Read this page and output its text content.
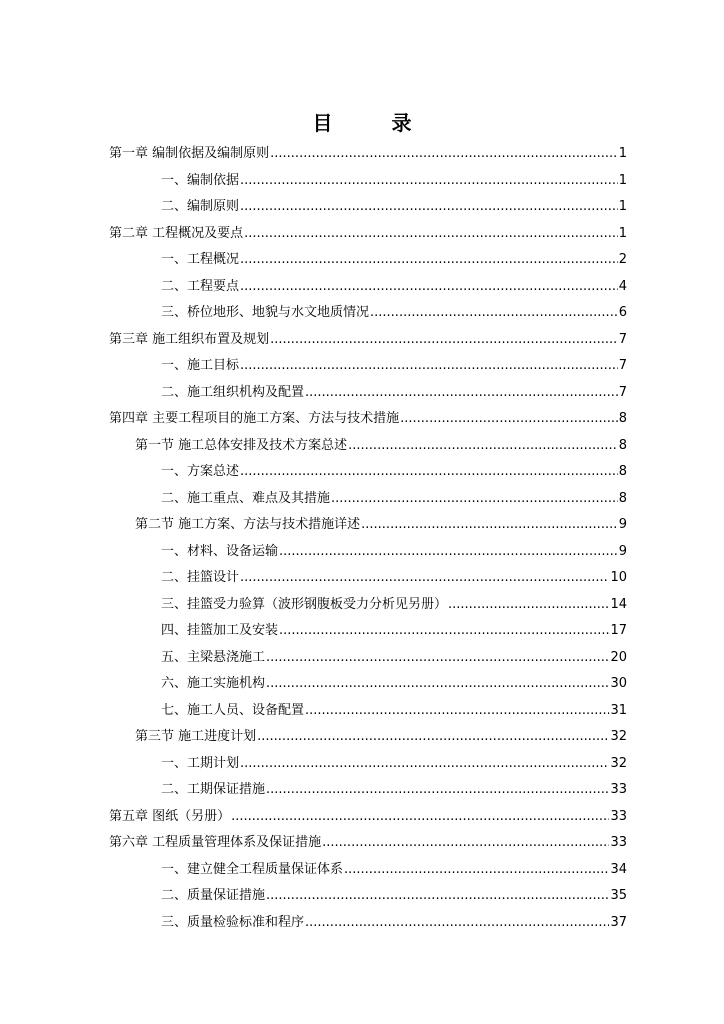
目 录
第一章 编制依据及编制原则 .....	1
一、编制依据 .....	1
二、编制原则 .....	1
第二章 工程概况及要点 .....	1
一、工程概况 .....	2
二、工程要点 .....	4
三、桥位地形、地貌与水文地质情况 .....	6
第三章 施工组织布置及规划 .....	7
一、施工目标 .....	7
二、施工组织机构及配置 .....	7
第四章 主要工程项目的施工方案、方法与技术措施 .....	8
第一节 施工总体安排及技术方案总述 .....	8
一、方案总述 .....	8
二、施工重点、难点及其措施 .....	8
第二节 施工方案、方法与技术措施详述 .....	9
一、材料、设备运输 .....	9
二、挂篮设计 .....	10
三、挂篮受力验算（波形钢腹板受力分析见另册） .....	14
四、挂篮加工及安装 .....	17
五、主梁悬浇施工 .....	20
六、施工实施机构 .....	30
七、施工人员、设备配置 .....	31
第三节 施工进度计划 .....	32
一、工期计划 .....	32
二、工期保证措施 .....	33
第五章 图纸（另册） .....	33
第六章 工程质量管理体系及保证措施 .....	33
一、建立健全工程质量保证体系 .....	34
二、质量保证措施 .....	35
三、质量检验标准和程序 .....	37
